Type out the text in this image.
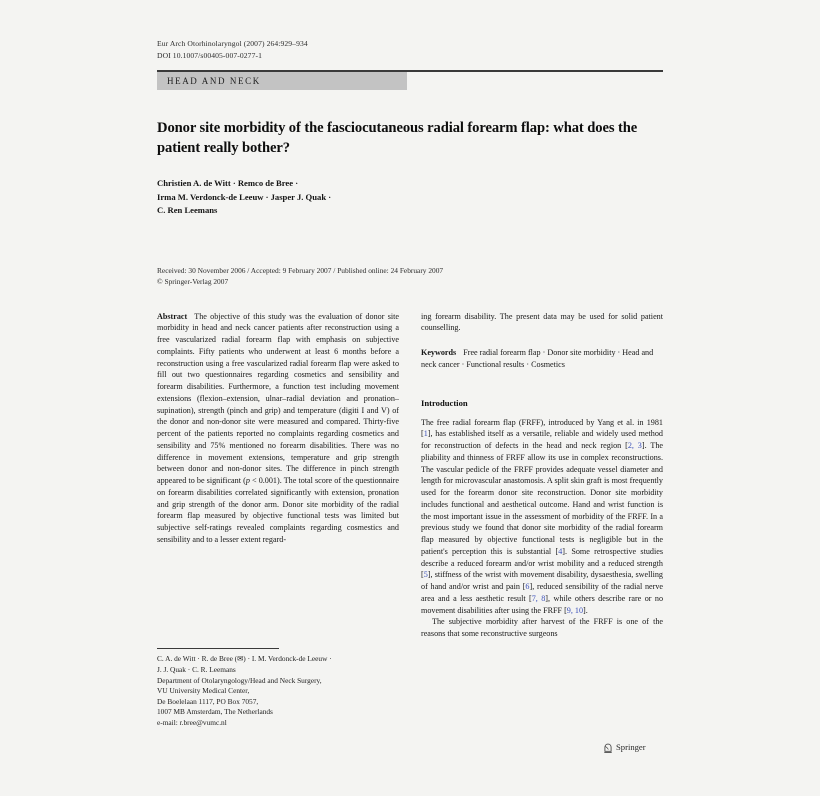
Eur Arch Otorhinolaryngol (2007) 264:929–934
DOI 10.1007/s00405-007-0277-1
HEAD AND NECK
Donor site morbidity of the fasciocutaneous radial forearm flap: what does the patient really bother?
Christien A. de Witt · Remco de Bree ·
Irma M. Verdonck-de Leeuw · Jasper J. Quak ·
C. Ren Leemans
Received: 30 November 2006 / Accepted: 9 February 2007 / Published online: 24 February 2007
© Springer-Verlag 2007

Abstract The objective of this study was the evaluation of donor site morbidity in head and neck cancer patients after reconstruction using a free vascularized radial forearm flap with emphasis on subjective complaints. Fifty patients who underwent at least 6 months before a reconstruction using a free vascularized radial forearm flap were asked to fill out two questionnaires regarding cosmetics and sensibility and forearm disabilities. Furthermore, a function test including movement extensions (flexion–extension, ulnar–radial deviation and pronation–supination), strength (pinch and grip) and temperature (digiti I and V) of the donor and non-donor site were measured and compared. Thirty-five percent of the patients reported no complaints regarding cosmetics and sensibility and 75% mentioned no forearm disabilities. There was no difference in movement extensions, temperature and grip strength between donor and non-donor sites. The difference in pinch strength appeared to be significant (p < 0.001). The total score of the questionnaire on forearm disabilities correlated significantly with extension, pronation and grip strength of the donor arm. Donor site morbidity of the radial forearm flap measured by objective functional tests was limited but subjective self-ratings revealed complaints regarding cosmestics and sensibility and to a lesser extent regard-

ing forearm disability. The present data may be used for solid patient counselling.

Keywords Free radial forearm flap · Donor site morbidity · Head and neck cancer · Functional results · Cosmetics
Introduction

The free radial forearm flap (FRFF), introduced by Yang et al. in 1981 [1], has established itself as a versatile, reliable and widely used method for reconstruction of defects in the head and neck region [2, 3]. The pliability and thinness of FRFF allow its use in complex reconstructions. The vascular pedicle of the FRFF provides adequate vessel diameter and length for microvascular anastomosis. A split skin graft is most frequently used for the forearm donor site reconstruction. Donor site morbidity includes functional and aesthetical outcome. Hand and wrist function is the most important issue in the assessment of morbidity of the FRFF. In a previous study we found that donor site morbidity of the radial forearm flap measured by objective functional tests is negligible but in the patient's perception this is substantial [4]. Some retrospective studies describe a reduced forearm and/or wrist mobility and a reduced strength [5], stiffness of the wrist with movement disability, dysaesthesia, swelling of hand and/or wrist and pain [6], reduced sensibility of the radial nerve area and a less aesthetic result [7, 8], while others describe rare or no movement disabilities after using the FRFF [9, 10].

The subjective morbidity after harvest of the FRFF is one of the reasons that some reconstructive surgeons

C. A. de Witt · R. de Bree (✉) · I. M. Verdonck-de Leeuw ·
J. J. Quak · C. R. Leemans
Department of Otolaryngology/Head and Neck Surgery,
VU University Medical Center,
De Boelelaan 1117, PO Box 7057,
1007 MB Amsterdam, The Netherlands
e-mail: r.bree@vumc.nl
Springer
